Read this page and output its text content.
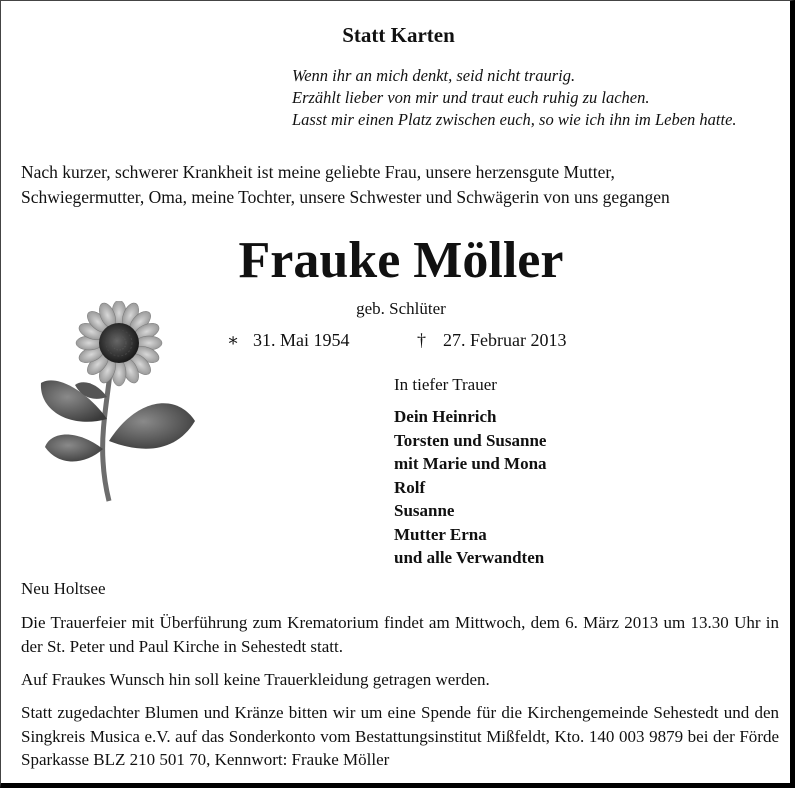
Statt Karten
Wenn ihr an mich denkt, seid nicht traurig.
Erzählt lieber von mir und traut euch ruhig zu lachen.
Lasst mir einen Platz zwischen euch, so wie ich ihn im Leben hatte.
Nach kurzer, schwerer Krankheit ist meine geliebte Frau, unsere herzensgute Mutter,
Schwiegermutter, Oma, meine Tochter, unsere Schwester und Schwägerin von uns gegangen
Frauke Möller
geb. Schlüter
∗ 31. Mai 1954	† 27. Februar 2013
In tiefer Trauer
Dein Heinrich
Torsten und Susanne
mit Marie und Mona
Rolf
Susanne
Mutter Erna
und alle Verwandten
Neu Holtsee
Die Trauerfeier mit Überführung zum Krematorium findet am Mittwoch, dem 6. März 2013 um 13.30 Uhr in der St. Peter und Paul Kirche in Sehestedt statt.
Auf Fraukes Wunsch hin soll keine Trauerkleidung getragen werden.
Statt zugedachter Blumen und Kränze bitten wir um eine Spende für die Kirchengemeinde Sehestedt und den Singkreis Musica e.V. auf das Sonderkonto vom Bestattungsinstitut Mißfeldt, Kto. 140 003 9879 bei der Förde Sparkasse BLZ 210 501 70, Kennwort: Frauke Möller
